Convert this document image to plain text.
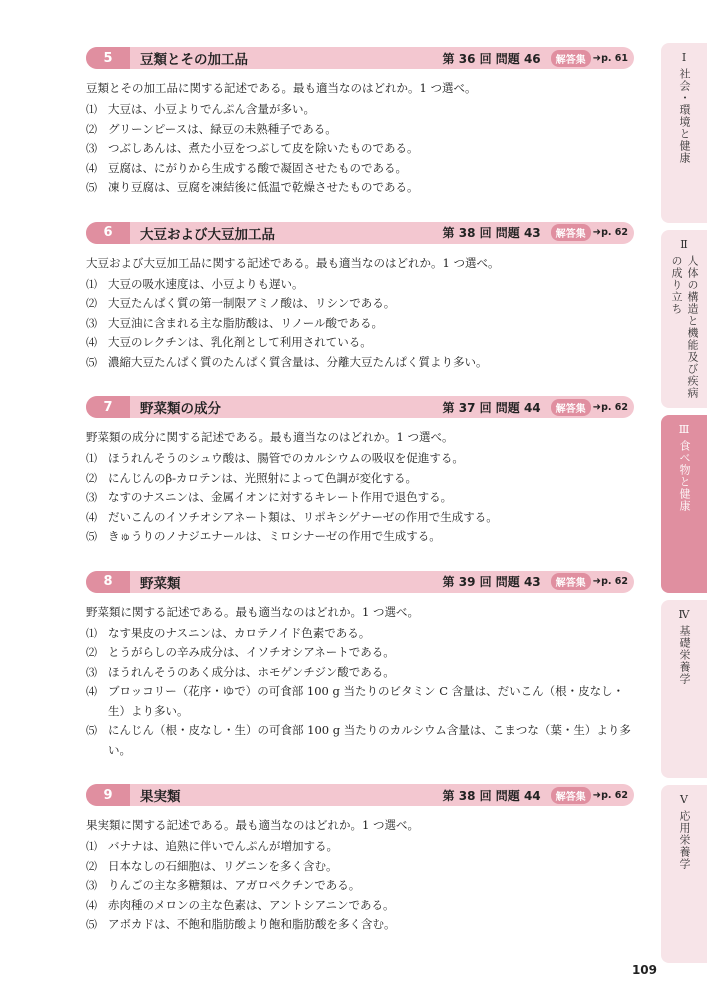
5	豆類とその加工品	第 36 回 問題 46	解答集 ➜ p. 61
豆類とその加工品に関する記述である。最も適当なのはどれか。1 つ選べ。
⑴ 大豆は、小豆よりでんぷん含量が多い。
⑵ グリーンピースは、緑豆の未熟種子である。
⑶ つぶしあんは、煮た小豆をつぶして皮を除いたものである。
⑷ 豆腐は、にがりから生成する酸で凝固させたものである。
⑸ 凍り豆腐は、豆腐を凍結後に低温で乾燥させたものである。
6	大豆および大豆加工品	第 38 回 問題 43	解答集 ➜ p. 62
大豆および大豆加工品に関する記述である。最も適当なのはどれか。1 つ選べ。
⑴ 大豆の吸水速度は、小豆よりも遅い。
⑵ 大豆たんぱく質の第一制限アミノ酸は、リシンである。
⑶ 大豆油に含まれる主な脂肪酸は、リノール酸である。
⑷ 大豆のレクチンは、乳化剤として利用されている。
⑸ 濃縮大豆たんぱく質のたんぱく質含量は、分離大豆たんぱく質より多い。
7	野菜類の成分	第 37 回 問題 44	解答集 ➜ p. 62
野菜類の成分に関する記述である。最も適当なのはどれか。1 つ選べ。
⑴ ほうれんそうのシュウ酸は、腸管でのカルシウムの吸収を促進する。
⑵ にんじんのβ-カロテンは、光照射によって色調が変化する。
⑶ なすのナスニンは、金属イオンに対するキレート作用で退色する。
⑷ だいこんのイソチオシアネート類は、リポキシゲナーゼの作用で生成する。
⑸ きゅうりのノナジエナールは、ミロシナーゼの作用で生成する。
8	野菜類	第 39 回 問題 43	解答集 ➜ p. 62
野菜類に関する記述である。最も適当なのはどれか。1 つ選べ。
⑴ なす果皮のナスニンは、カロテノイド色素である。
⑵ とうがらしの辛み成分は、イソチオシアネートである。
⑶ ほうれんそうのあく成分は、ホモゲンチジン酸である。
⑷ ブロッコリー（花序・ゆで）の可食部 100 g 当たりのビタミン C 含量は、だいこん（根・皮なし・生）より多い。
⑸ にんじん（根・皮なし・生）の可食部 100 g 当たりのカルシウム含量は、こまつな（葉・生）より多い。
9	果実類	第 38 回 問題 44	解答集 ➜ p. 62
果実類に関する記述である。最も適当なのはどれか。1 つ選べ。
⑴ バナナは、追熟に伴いでんぷんが増加する。
⑵ 日本なしの石細胞は、リグニンを多く含む。
⑶ りんごの主な多糖類は、アガロペクチンである。
⑷ 赤肉種のメロンの主な色素は、アントシアニンである。
⑸ アボカドは、不飽和脂肪酸より飽和脂肪酸を多く含む。
Ⅰ
社会・環境と健康
Ⅱ
人体の構造と機能及び疾病の成り立ち
Ⅲ
食べ物と健康
Ⅳ
基礎栄養学
Ⅴ
応用栄養学
109
